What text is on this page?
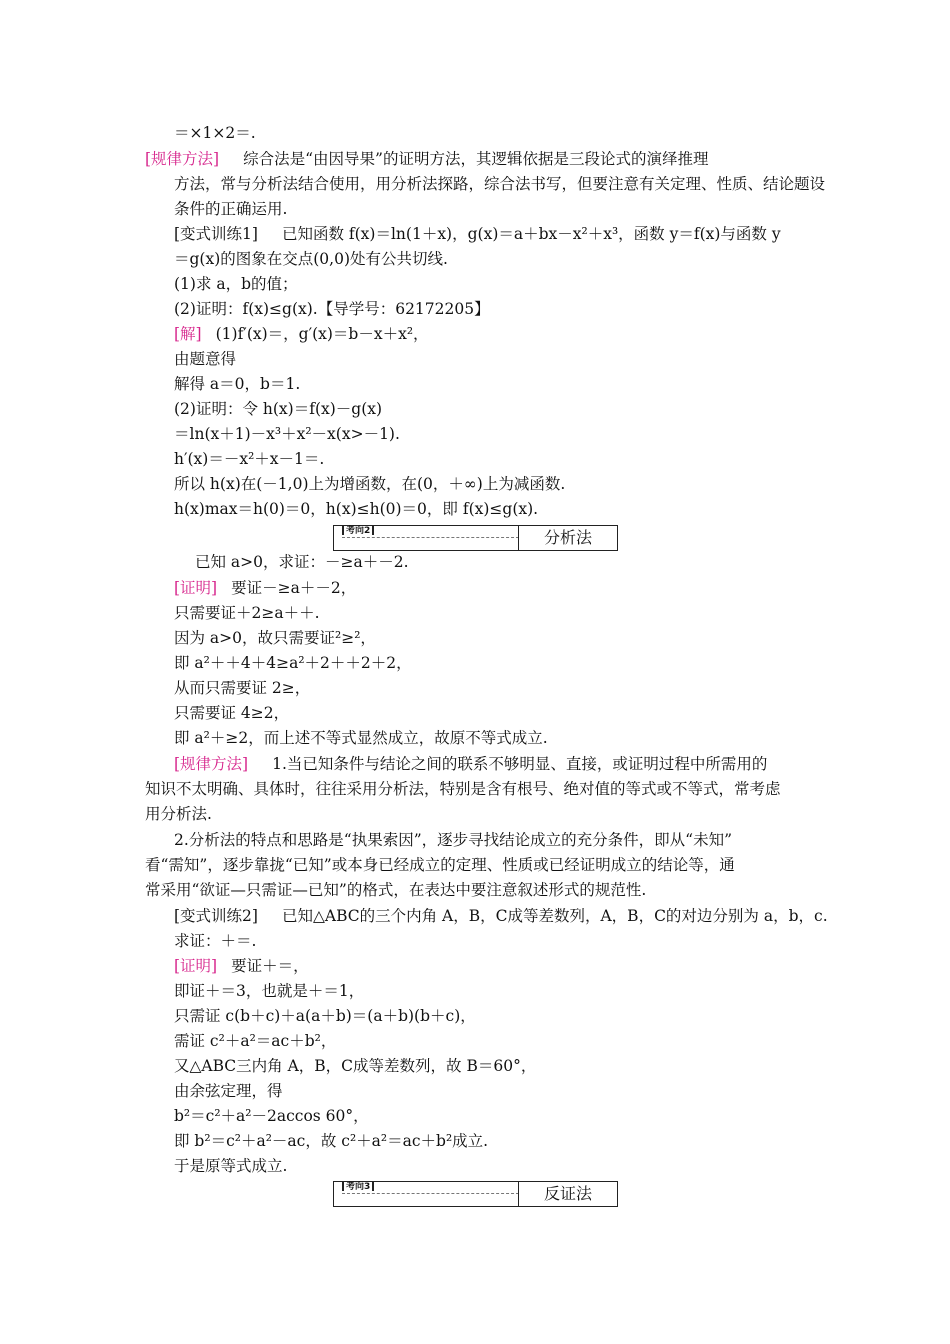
＝×1×2＝.
[规律方法] 综合法是“由因导果”的证明方法，其逻辑依据是三段论式的演绎推理
方法，常与分析法结合使用，用分析法探路，综合法书写，但要注意有关定理、性质、结论题设
条件的正确运用.
[变式训练1] 已知函数 f(x)＝ln(1＋x)，g(x)＝a＋bx－x²＋x³，函数 y＝f(x)与函数 y
＝g(x)的图象在交点(0,0)处有公共切线.
(1)求 a，b的值；
(2)证明：f(x)≤g(x).【导学号：62172205】
[解] (1)f′(x)＝，g′(x)＝b－x＋x²，
由题意得
解得 a＝0，b＝1.
(2)证明：令 h(x)＝f(x)－g(x)
＝ln(x＋1)－x³＋x²－x(x>－1).
h′(x)＝－x²＋x－1＝.
所以 h(x)在(－1,0)上为增函数，在(0，＋∞)上为减函数.
h(x)max＝h(0)＝0，h(x)≤h(0)＝0，即 f(x)≤g(x).
考向2	分析法
已知 a>0，求证：－≥a＋－2.
[证明] 要证－≥a＋－2，
只需要证＋2≥a＋＋.
因为 a>0，故只需要证²≥²，
即 a²＋＋4＋4≥a²＋2＋＋2＋2，
从而只需要证 2≥，
只需要证 4≥2，
即 a²＋≥2，而上述不等式显然成立，故原不等式成立.
[规律方法] 1.当已知条件与结论之间的联系不够明显、直接，或证明过程中所需用的
知识不太明确、具体时，往往采用分析法，特别是含有根号、绝对值的等式或不等式，常考虑
用分析法.
2.分析法的特点和思路是“执果索因”，逐步寻找结论成立的充分条件，即从“未知”
看“需知”，逐步靠拢“已知”或本身已经成立的定理、性质或已经证明成立的结论等，通
常采用“欲证—只需证—已知”的格式，在表达中要注意叙述形式的规范性.
[变式训练2] 已知△ABC的三个内角 A，B，C成等差数列，A，B，C的对边分别为 a，b，c.
求证：＋＝.
[证明] 要证＋＝，
即证＋＝3，也就是＋＝1，
只需证 c(b＋c)＋a(a＋b)＝(a＋b)(b＋c)，
需证 c²＋a²＝ac＋b²，
又△ABC三内角 A，B，C成等差数列，故 B＝60°，
由余弦定理，得
b²＝c²＋a²－2accos 60°，
即 b²＝c²＋a²－ac，故 c²＋a²＝ac＋b²成立.
于是原等式成立.
考向3	反证法
